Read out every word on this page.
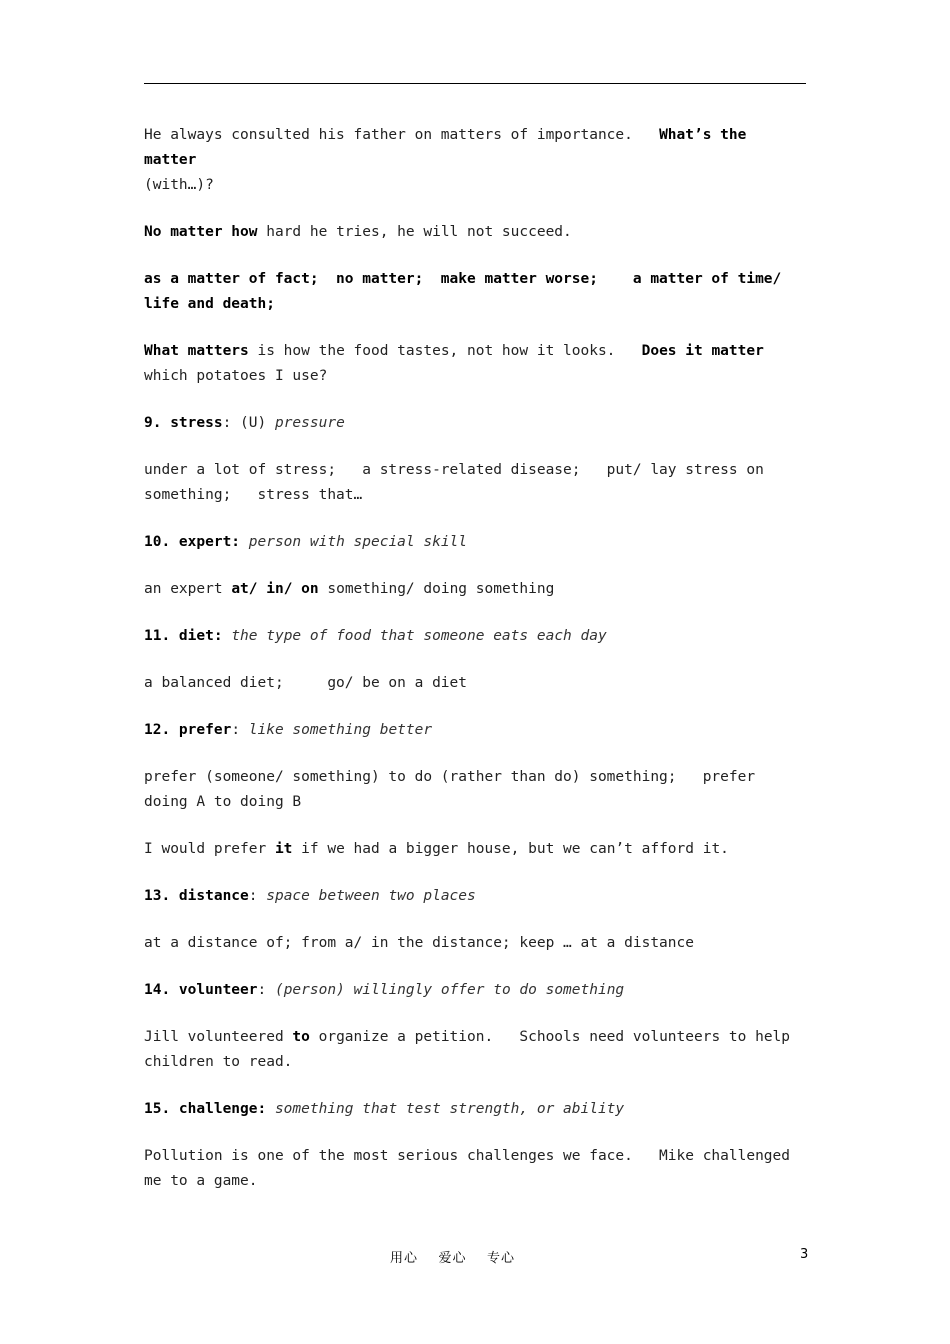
He always consulted his father on matters of importance.   What’s the matter
(with…)?

No matter how hard he tries, he will not succeed.

as a matter of fact;  no matter;  make matter worse;    a matter of time/ life and death;

What matters is how the food tastes, not how it looks.   Does it matter which potatoes I use?

9. stress: (U) pressure

under a lot of stress;   a stress-related disease;   put/ lay stress on something;   stress that…

10. expert: person with special skill

an expert at/ in/ on something/ doing something

11. diet: the type of food that someone eats each day

a balanced diet;     go/ be on a diet

12. prefer: like something better

prefer (someone/ something) to do (rather than do) something;   prefer doing A to doing B

I would prefer it if we had a bigger house, but we can’t afford it.

13. distance: space between two places

at a distance of; from a/ in the distance; keep … at a distance

14. volunteer: (person) willingly offer to do something

Jill volunteered to organize a petition.   Schools need volunteers to help children to read.

15. challenge: something that test strength, or ability

Pollution is one of the most serious challenges we face.   Mike challenged me to a game.

用心    爱心    专心	3
